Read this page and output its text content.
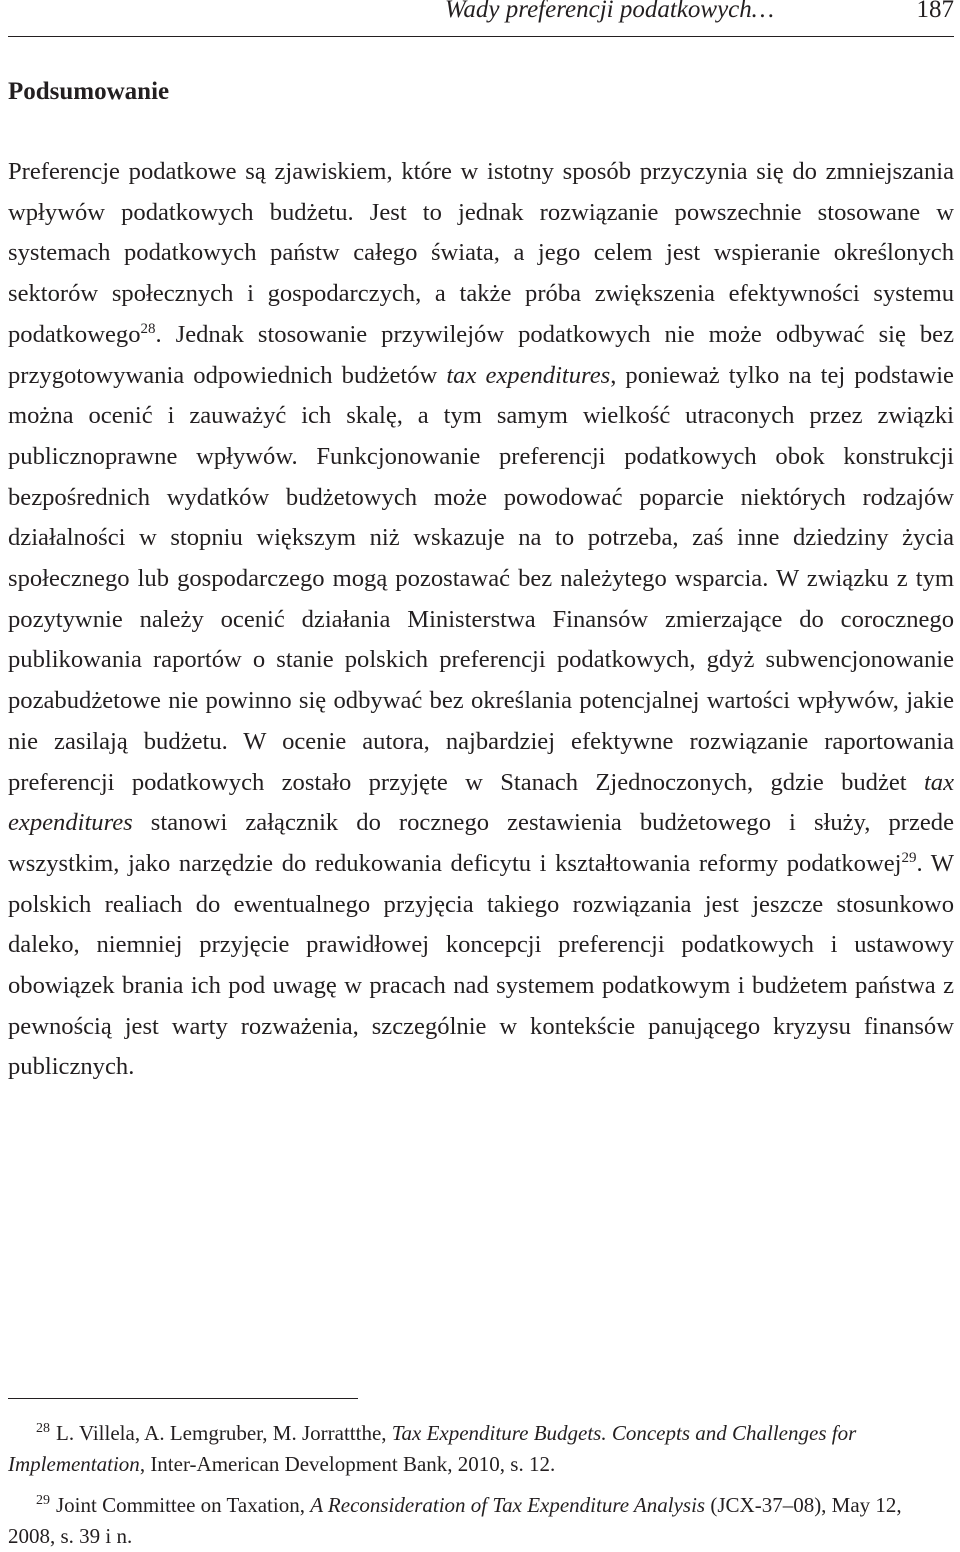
Wady preferencji podatkowych…	187
Podsumowanie

Preferencje podatkowe są zjawiskiem, które w istotny sposób przyczynia się do zmniejszania wpływów podatkowych budżetu. Jest to jednak rozwiązanie powszechnie stosowane w systemach podatkowych państw całego świata, a jego celem jest wspieranie określonych sektorów społecznych i gospodarczych, a także próba zwiększenia efektywności systemu podatkowego$^{28}$. Jednak stosowanie przywilejów podatkowych nie może odbywać się bez przygotowywania odpowiednich budżetów tax expenditures, ponieważ tylko na tej podstawie można ocenić i zauważyć ich skalę, a tym samym wielkość utraconych przez związki publicznoprawne wpływów. Funkcjonowanie preferencji podatkowych obok konstrukcji bezpośrednich wydatków budżetowych może powodować poparcie niektórych rodzajów działalności w stopniu większym niż wskazuje na to potrzeba, zaś inne dziedziny życia społecznego lub gospodarczego mogą pozostawać bez należytego wsparcia. W związku z tym pozytywnie należy ocenić działania Ministerstwa Finansów zmierzające do corocznego publikowania raportów o stanie polskich preferencji podatkowych, gdyż subwencjonowanie pozabudżetowe nie powinno się odbywać bez określania potencjalnej wartości wpływów, jakie nie zasilają budżetu. W ocenie autora, najbardziej efektywne rozwiązanie raportowania preferencji podatkowych zostało przyjęte w Stanach Zjednoczonych, gdzie budżet tax expenditures stanowi załącznik do rocznego zestawienia budżetowego i służy, przede wszystkim, jako narzędzie do redukowania deficytu i kształtowania reformy podatkowej$^{29}$. W polskich realiach do ewentualnego przyjęcia takiego rozwiązania jest jeszcze stosunkowo daleko, niemniej przyjęcie prawidłowej koncepcji preferencji podatkowych i ustawowy obowiązek brania ich pod uwagę w pracach nad systemem podatkowym i budżetem państwa z pewnością jest warty rozważenia, szczególnie w kontekście panującego kryzysu finansów publicznych.

$^{28}$ L. Villela, A. Lemgruber, M. Jorrattthe, Tax Expenditure Budgets. Concepts and Challenges for Implementation, Inter-American Development Bank, 2010, s. 12.

$^{29}$ Joint Committee on Taxation, A Reconsideration of Tax Expenditure Analysis (JCX-37–08), May 12, 2008, s. 39 i n.
